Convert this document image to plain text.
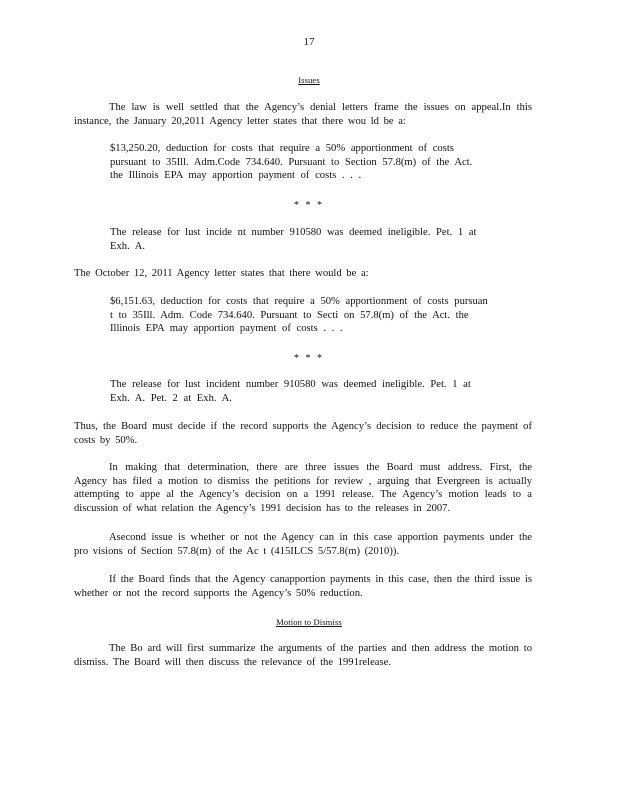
17
Issues
The law is well settled that the Agency’s denial letters frame the issues on appeal.In this instance, the January 20,2011 Agency letter states that there wou ld be a:
$13,250.20, deduction for costs that require a 50% apportionment of costs pursuant to 35Ill. Adm.Code 734.640. Pursuant to Section 57.8(m) of the Act. the Illinois EPA may apportion payment of costs . . .
* * *
The release for lust incide nt number 910580 was deemed ineligible. Pet. 1 at Exh. A.
The October 12, 2011 Agency letter states that there would be a:
$6,151.63, deduction for costs that require a 50% apportionment of costs pursuan t to 35Ill. Adm. Code 734.640. Pursuant to Secti on 57.8(m) of the Act. the Illinois EPA may apportion payment of costs . . .
* * *
The release for lust incident number 910580 was deemed ineligible. Pet. 1 at Exh. A. Pet. 2 at Exh. A.
Thus, the Board must decide if the record supports the Agency’s decision to reduce the payment of costs by 50%.
In making that determination, there are three issues the Board must address. First, the Agency has filed a motion to dismiss the petitions for review , arguing that Evergreen is actually attempting to appe al the Agency’s decision on a 1991 release. The Agency’s motion leads to a discussion of what relation the Agency’s 1991 decision has to the releases in 2007.
Asecond issue is whether or not the Agency can in this case apportion payments under the pro visions of Section 57.8(m) of the Ac t (415ILCS 5/57.8(m) (2010)).
If the Board finds that the Agency canapportion payments in this case, then the third issue is whether or not the record supports the Agency’s 50% reduction.
Motion to Dismiss
The Bo ard will first summarize the arguments of the parties and then address the motion to dismiss. The Board will then discuss the relevance of the 1991release.
